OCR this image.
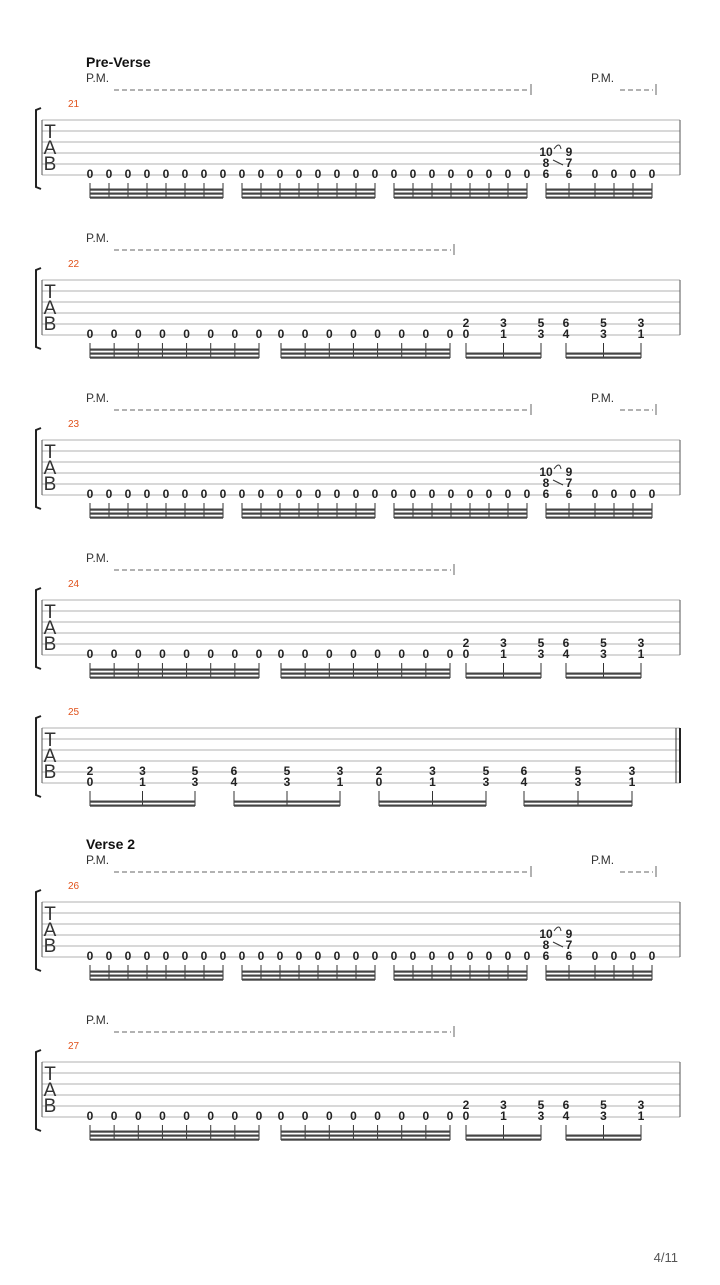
Pre-Verse
P.M.	P.M.
21
T
A
B	0 0 0 0 0 0 0 0 0 0 0 0 0 0 0 0 0 0 0 0 0 0 0 0
10
8
6
9
7
6 0 0 0 0
P.M.
22
T
A
B	0 0 0 0 0 0 0 0 0 0 0 0 0 0 0 0
2
0
3
1
5
3
6
4
5
3
3
1
P.M.	P.M.
23
T
A
B	0 0 0 0 0 0 0 0 0 0 0 0 0 0 0 0 0 0 0 0 0 0 0 0
10
8
6
9
7
6 0 0 0 0
P.M.
24
T
A
B	0 0 0 0 0 0 0 0 0 0 0 0 0 0 0 0
2
0
3
1
5
3
6
4
5
3
3
1
25
T
A
B	2
0
3
1
5
3
6
4
5
3
3
1
2
0
3
1
5
3
6
4
5
3
3
1
Verse 2
P.M.	P.M.
26
T
A
B	0 0 0 0 0 0 0 0 0 0 0 0 0 0 0 0 0 0 0 0 0 0 0 0
10
8
6
9
7
6 0 0 0 0
P.M.
27
T
A
B	0 0 0 0 0 0 0 0 0 0 0 0 0 0 0 0
2
0
3
1
5
3
6
4
5
3
3
1
4/11
